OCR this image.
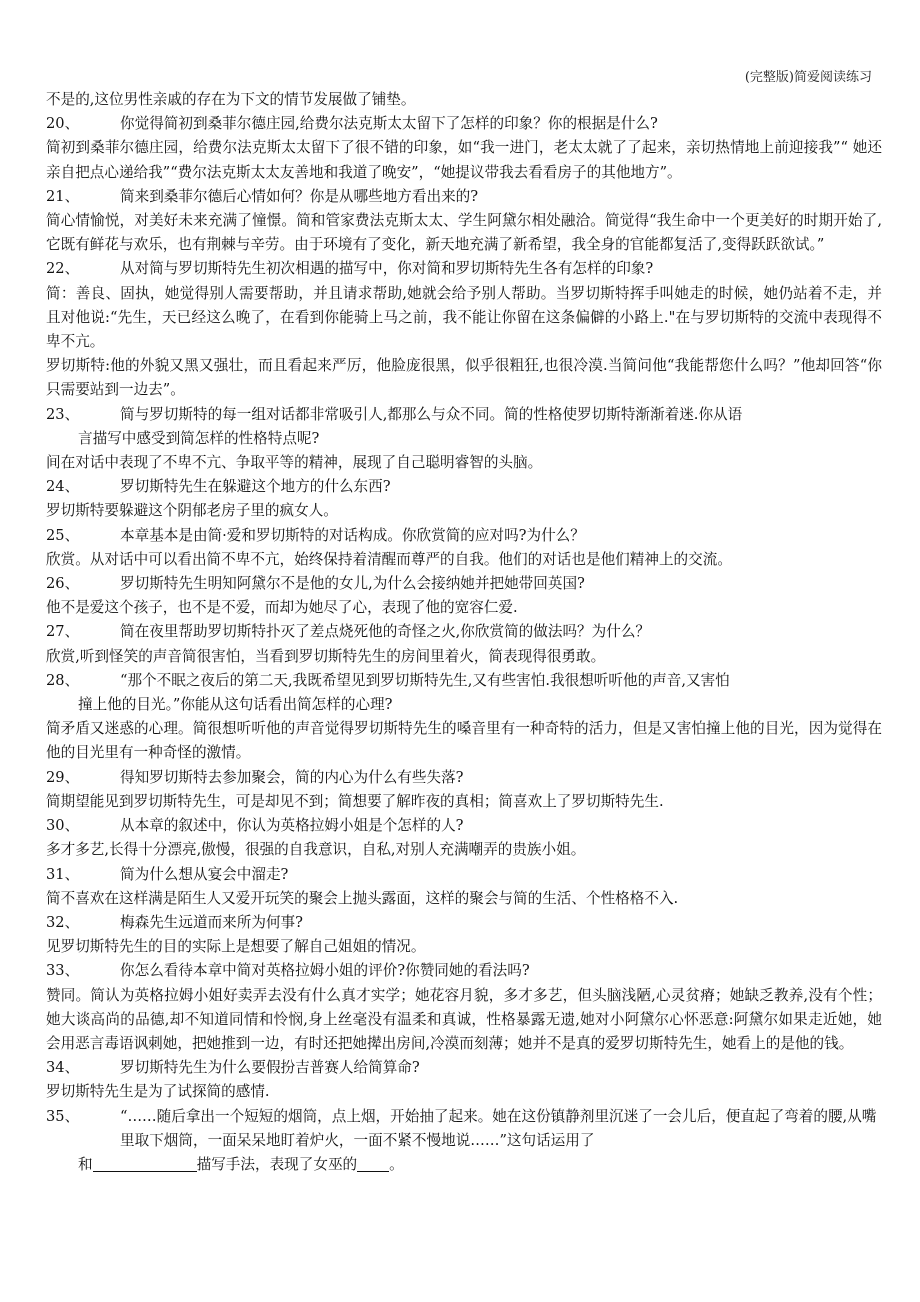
(完整版)简爱阅读练习

不是的,这位男性亲戚的存在为下文的情节发展做了铺垫。

20、	你觉得简初到桑菲尔德庄园,给费尔法克斯太太留下了怎样的印象？你的根据是什么?

简初到桑菲尔德庄园，给费尔法克斯太太留下了很不错的印象，如“我一进门，老太太就了了起来，亲切热情地上前迎接我”“ 她还亲自把点心递给我”“费尔法克斯太太友善地和我道了晚安”，“她提议带我去看看房子的其他地方”。

21、	简来到桑菲尔德后心情如何？你是从哪些地方看出来的?

简心情愉悦，对美好未来充满了憧憬。简和管家费法克斯太太、学生阿黛尔相处融洽。简觉得“我生命中一个更美好的时期开始了,它既有鲜花与欢乐，也有荆棘与辛劳。由于环境有了变化，新天地充满了新希望，我全身的官能都复活了,变得跃跃欲试。”

22、	从对简与罗切斯特先生初次相遇的描写中，你对简和罗切斯特先生各有怎样的印象?

简：善良、固执，她觉得别人需要帮助，并且请求帮助,她就会给予别人帮助。当罗切斯特挥手叫她走的时候，她仍站着不走，并且对他说:“先生，天已经这么晚了，在看到你能骑上马之前，我不能让你留在这条偏僻的小路上."在与罗切斯特的交流中表现得不卑不亢。

罗切斯特:他的外貌又黑又强壮，而且看起来严厉，他脸庞很黑，似乎很粗狂,也很冷漠.当简问他“我能帮您什么吗？”他却回答“你只需要站到一边去”。

23、	简与罗切斯特的每一组对话都非常吸引人,都那么与众不同。简的性格使罗切斯特渐渐着迷.你从语
言描写中感受到简怎样的性格特点呢?

间在对话中表现了不卑不亢、争取平等的精神，展现了自己聪明睿智的头脑。

24、	罗切斯特先生在躲避这个地方的什么东西?

罗切斯特要躲避这个阴郁老房子里的疯女人。

25、	本章基本是由简·爱和罗切斯特的对话构成。你欣赏简的应对吗?为什么？

欣赏。从对话中可以看出简不卑不亢，始终保持着清醒而尊严的自我。他们的对话也是他们精神上的交流。

26、	罗切斯特先生明知阿黛尔不是他的女儿,为什么会接纳她并把她带回英国?

他不是爱这个孩子，也不是不爱，而却为她尽了心，表现了他的宽容仁爱.

27、	简在夜里帮助罗切斯特扑灭了差点烧死他的奇怪之火,你欣赏简的做法吗？为什么？

欣赏,听到怪笑的声音简很害怕，当看到罗切斯特先生的房间里着火，简表现得很勇敢。

28、	“那个不眠之夜后的第二天,我既希望见到罗切斯特先生,又有些害怕.我很想听听他的声音,又害怕
撞上他的目光。”你能从这句话看出简怎样的心理?

简矛盾又迷惑的心理。简很想听听他的声音觉得罗切斯特先生的嗓音里有一种奇特的活力，但是又害怕撞上他的目光，因为觉得在他的目光里有一种奇怪的激情。

29、	得知罗切斯特去参加聚会，简的内心为什么有些失落?

简期望能见到罗切斯特先生，可是却见不到；简想要了解昨夜的真相；简喜欢上了罗切斯特先生.

30、	从本章的叙述中，你认为英格拉姆小姐是个怎样的人?

多才多艺,长得十分漂亮,傲慢，很强的自我意识，自私,对别人充满嘲弄的贵族小姐。

31、	简为什么想从宴会中溜走?

简不喜欢在这样满是陌生人又爱开玩笑的聚会上抛头露面，这样的聚会与简的生活、个性格格不入.

32、	梅森先生远道而来所为何事?

见罗切斯特先生的目的实际上是想要了解自己姐姐的情况。

33、	你怎么看待本章中简对英格拉姆小姐的评价?你赞同她的看法吗?

赞同。简认为英格拉姆小姐好卖弄去没有什么真才实学；她花容月貌，多才多艺，但头脑浅陋,心灵贫瘠；她缺乏教养,没有个性；她大谈高尚的品德,却不知道同情和怜悯,身上丝毫没有温柔和真诚，性格暴露无遗,她对小阿黛尔心怀恶意:阿黛尔如果走近她，她会用恶言毒语讽刺她，把她推到一边，有时还把她撵出房间,冷漠而刻薄；她并不是真的爱罗切斯特先生，她看上的是他的钱。

34、	罗切斯特先生为什么要假扮吉普赛人给简算命?

罗切斯特先生是为了试探简的感情.

35、	“……随后拿出一个短短的烟筒，点上烟，开始抽了起来。她在这份镇静剂里沉迷了一会儿后，便直起了弯着的腰,从嘴里取下烟筒，一面呆呆地盯着炉火，一面不紧不慢地说……”这句话运用了
和	描写手法，表现了女巫的 。
